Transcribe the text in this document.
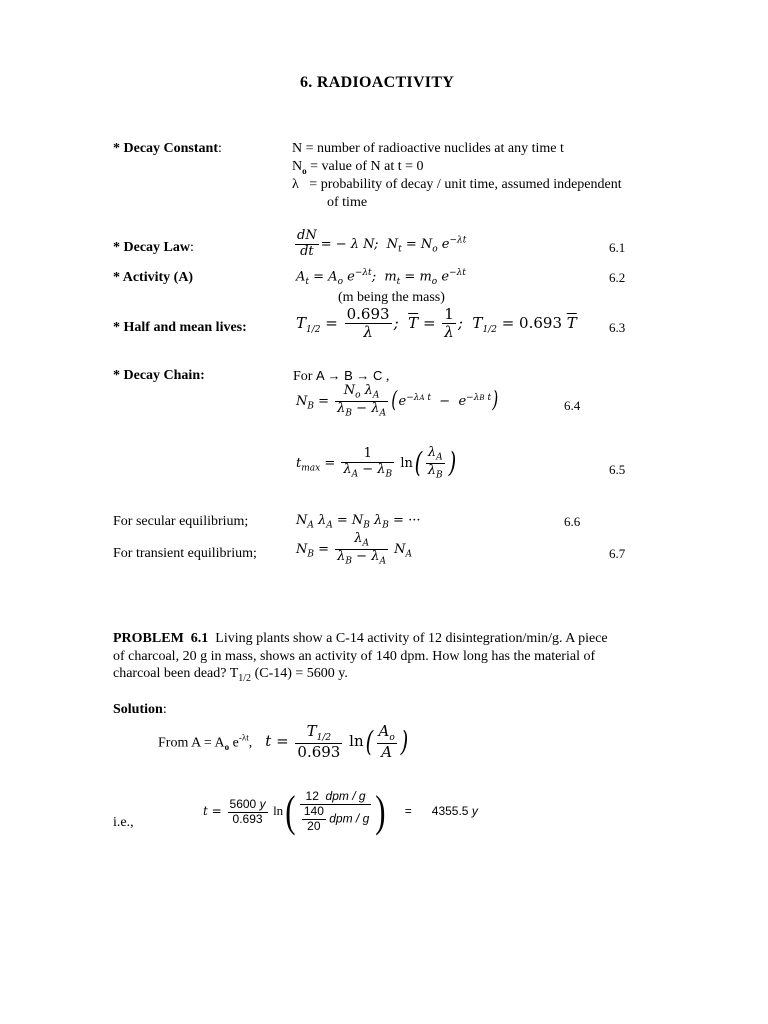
6. RADIOACTIVITY
* Decay Constant:	N = number of radioactive nuclides at any time t
$N_o$ = value of N at t = 0
λ = probability of decay / unit time, assumed independent
of time
* Decay Law:	$\frac{dN}{dt}$ = − λ N;  $N_t = N_o$ $e^{-\lambda t}$	6.1
* Activity (A)	$A_t = A_o$ $e^{-\lambda t}$;  $m_t = m_o$ $e^{-\lambda t}$	6.2
(m being the mass)
* Half and mean lives:	$T_{1/2} = \frac{0.693}{\lambda}$ ;  $\overline{T} = \frac{1}{\lambda}$ ;  $T_{1/2} = 0.693$ $\overline{T}$ 6.3
* Decay Chain:	For A → B → C ,
$N_B = \frac{N_o \lambda_A}{\lambda_B - \lambda_A} (e^{-\lambda A t} - e^{-\lambda B t})$	6.4
$t_{max} = \frac{1}{\lambda_A - \lambda_B} \ln( \frac{\lambda_A}{\lambda_B}$ )	6.5
For secular equilibrium;	$N_A$ $\lambda_A = N_B$ $\lambda_B$ = ···	6.6
For transient equilibrium;	$N_B = \frac{\lambda_A}{\lambda_B - \lambda_A} N_A$	6.7
PROBLEM 6.1 Living plants show a C-14 activity of 12 disintegration/min/g. A piece
of charcoal, 20 g in mass, shows an activity of 140 dpm. How long has the material of
charcoal been dead? $T_{1/2}$ (C-14) = 5600 y.
Solution:
From $A = A_o$ $e^{-\lambda t}$,   $t = \frac{T_{1/2}}{0.693} \ln( \frac{A_o}{A}$ )
i.e.,
$t = \frac{5600 y}{0.693} \ln( \frac{\text{12 dpm / g}}{\frac{140}{20} dpm / g}$ )     =      4355.5 y
